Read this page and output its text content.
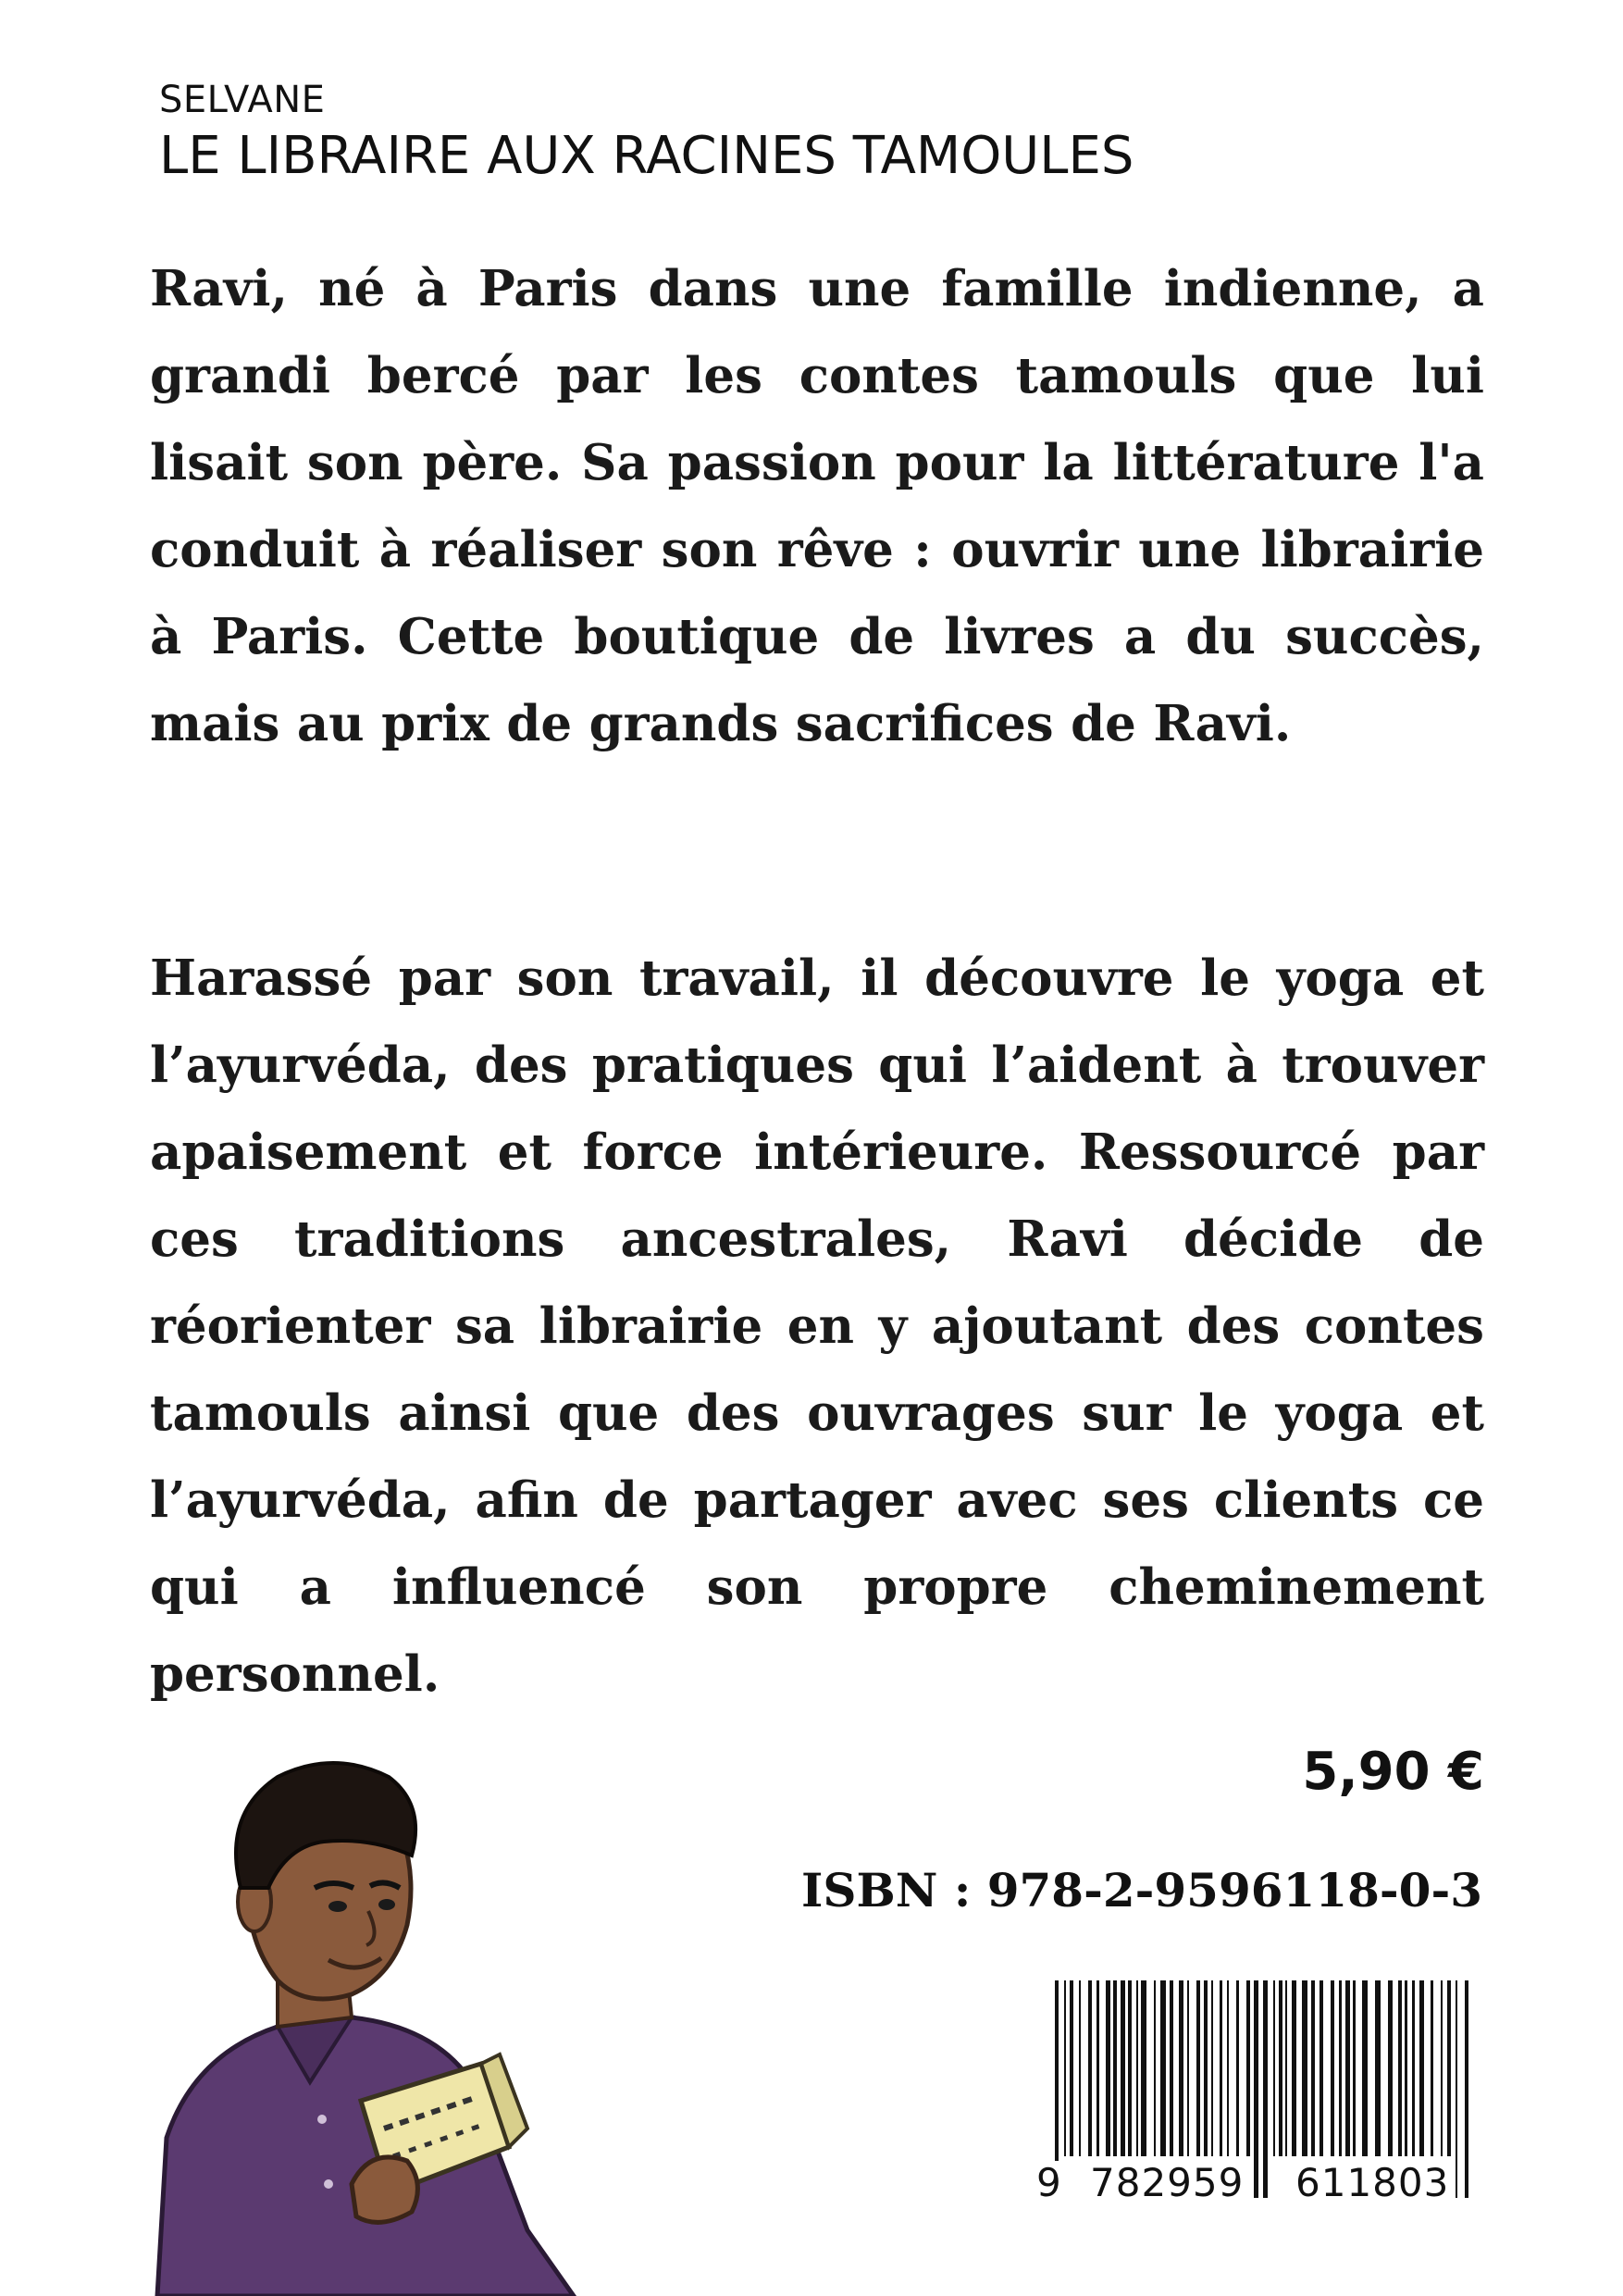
SELVANE
LE LIBRAIRE AUX RACINES TAMOULES

Ravi, né à Paris dans une famille indienne, a grandi bercé par les contes tamouls que lui lisait son père. Sa passion pour la littérature l'a conduit à réaliser son rêve : ouvrir une librairie à Paris. Cette boutique de livres a du succès, mais au prix de grands sacrifices de Ravi.

Harassé par son travail, il découvre le yoga et l’ayurvéda, des pratiques qui l’aident à trouver apaisement et force intérieure. Ressourcé par ces traditions ancestrales, Ravi décide de réorienter sa librairie en y ajoutant des contes tamouls ainsi que des ouvrages sur le yoga et l’ayurvéda, afin de partager avec ses clients ce qui a influencé son propre cheminement personnel.

5,90 €
ISBN : 978-2-9596118-0-3
9 782959 611803
